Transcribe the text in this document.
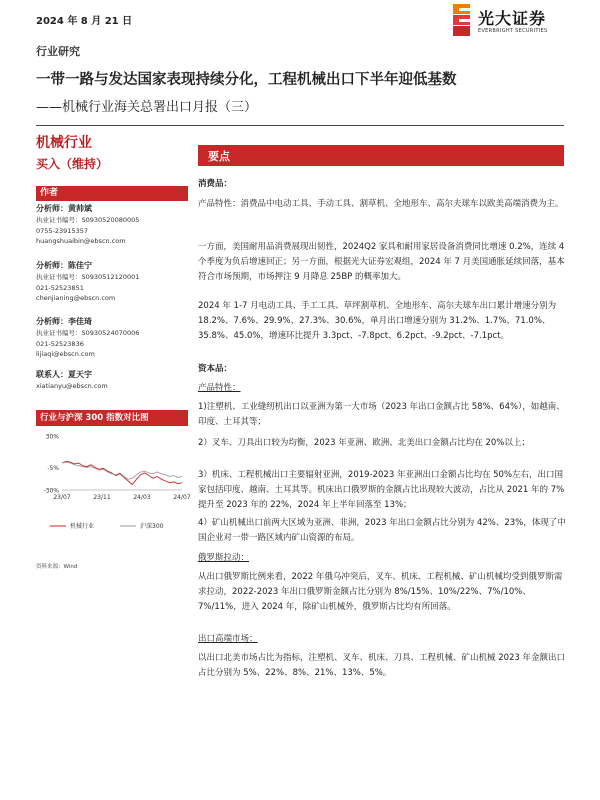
2024 年 8 月 21 日	光大证券
EVERBRIGHT SECURITIES
行业研究
一带一路与发达国家表现持续分化，工程机械出口下半年迎低基数
——机械行业海关总署出口月报（三）
机械行业
买入（维持）
作者
分析师：黄帅斌
执业证书编号：S0930520080005
0755-23915357
huangshuaibin@ebscn.com
分析师：陈佳宁
执业证书编号：S0930512120001
021-52523851
chenjianing@ebscn.com
分析师：李佳琦
执业证书编号：S0930524070006
021-52523836
lijiaqi@ebscn.com
联系人：夏天宇
xiatianyu@ebscn.com
行业与沪深 300 指数对比图
30%
-5%
-30%
23/07	23/11	24/03	24/07
机械行业	沪深300
资料来源：Wind
要点
消费品：
产品特性：消费品中电动工具、手动工具、割草机、全地形车、高尔夫球车以欧美高端消费为主。
一方面，美国耐用品消费展现出韧性，2024Q2 家具和耐用家居设备消费同比增速 0.2%，连续 4 个季度为负后增速回正；另一方面，根据光大证券宏观组，2024 年 7 月美国通胀延续回落，基本符合市场预期，市场押注 9 月降息 25BP 的概率加大。
2024 年 1-7 月电动工具、手工工具、草坪割草机、全地形车、高尔夫球车出口累计增速分别为 18.2%、7.6%、29.9%、27.3%、30.6%，单月出口增速分别为 31.2%、1.7%、71.0%、35.8%、45.0%，增速环比提升 3.3pct、-7.8pct、6.2pct、-9.2pct、-7.1pct。
资本品：
产品特性：
1)注塑机、工业缝纫机出口以亚洲为第一大市场（2023 年出口金额占比 58%、64%），如越南、印度、土耳其等；
2）叉车、刀具出口较为均衡，2023 年亚洲、欧洲、北美出口金额占比均在 20%以上；
3）机床、工程机械出口主要辐射亚洲，2019-2023 年亚洲出口金额占比均在 50%左右，出口国家包括印度、越南、土耳其等。机床出口俄罗斯的金额占比出现较大波动，占比从 2021 年的 7%提升至 2023 年的 22%，2024 年上半年回落至 13%；
4）矿山机械出口前两大区域为亚洲、非洲，2023 年出口金额占比分别为 42%、23%，体现了中国企业对一带一路区域内矿山资源的布局。
俄罗斯拉动：
从出口俄罗斯比例来看，2022 年俄乌冲突后，叉车、机床、工程机械、矿山机械均受到俄罗斯需求拉动，2022-2023 年出口俄罗斯金额占比分别为 8%/15%、10%/22%、7%/10%、7%/11%，进入 2024 年，除矿山机械外，俄罗斯占比均有所回落。
出口高端市场：
以出口北美市场占比为指标，注塑机、叉车、机床、刀具、工程机械、矿山机械 2023 年金额出口占比分别为 5%、22%、8%、21%、13%、5%。
